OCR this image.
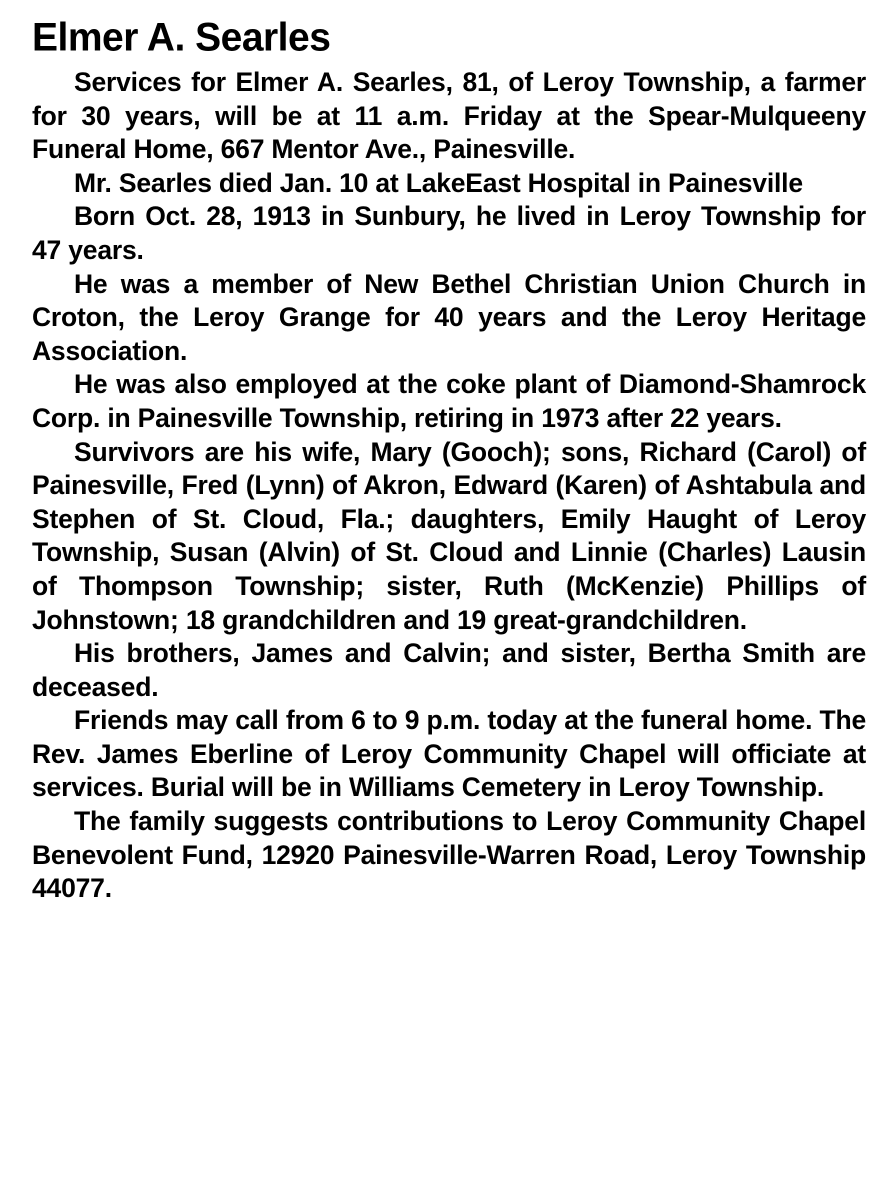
Elmer A. Searles

Services for Elmer A. Searles, 81, of Leroy Township, a farmer for 30 years, will be at 11 a.m. Friday at the Spear-Mulqueeny Funeral Home, 667 Mentor Ave., Painesville.

Mr. Searles died Jan. 10 at LakeEast Hospital in Painesville

Born Oct. 28, 1913 in Sunbury, he lived in Leroy Township for 47 years.

He was a member of New Bethel Christian Union Church in Croton, the Leroy Grange for 40 years and the Leroy Heritage Association.

He was also employed at the coke plant of Diamond-Shamrock Corp. in Painesville Township, retiring in 1973 after 22 years.

Survivors are his wife, Mary (Gooch); sons, Richard (Carol) of Painesville, Fred (Lynn) of Akron, Edward (Karen) of Ashtabula and Stephen of St. Cloud, Fla.; daughters, Emily Haught of Leroy Township, Susan (Alvin) of St. Cloud and Linnie (Charles) Lausin of Thompson Township; sister, Ruth (McKenzie) Phillips of Johnstown; 18 grandchildren and 19 great-grandchildren.

His brothers, James and Calvin; and sister, Bertha Smith are deceased.

Friends may call from 6 to 9 p.m. today at the funeral home. The Rev. James Eberline of Leroy Community Chapel will officiate at services. Burial will be in Williams Cemetery in Leroy Township.

The family suggests contributions to Leroy Community Chapel Benevolent Fund, 12920 Painesville-Warren Road, Leroy Township 44077.
